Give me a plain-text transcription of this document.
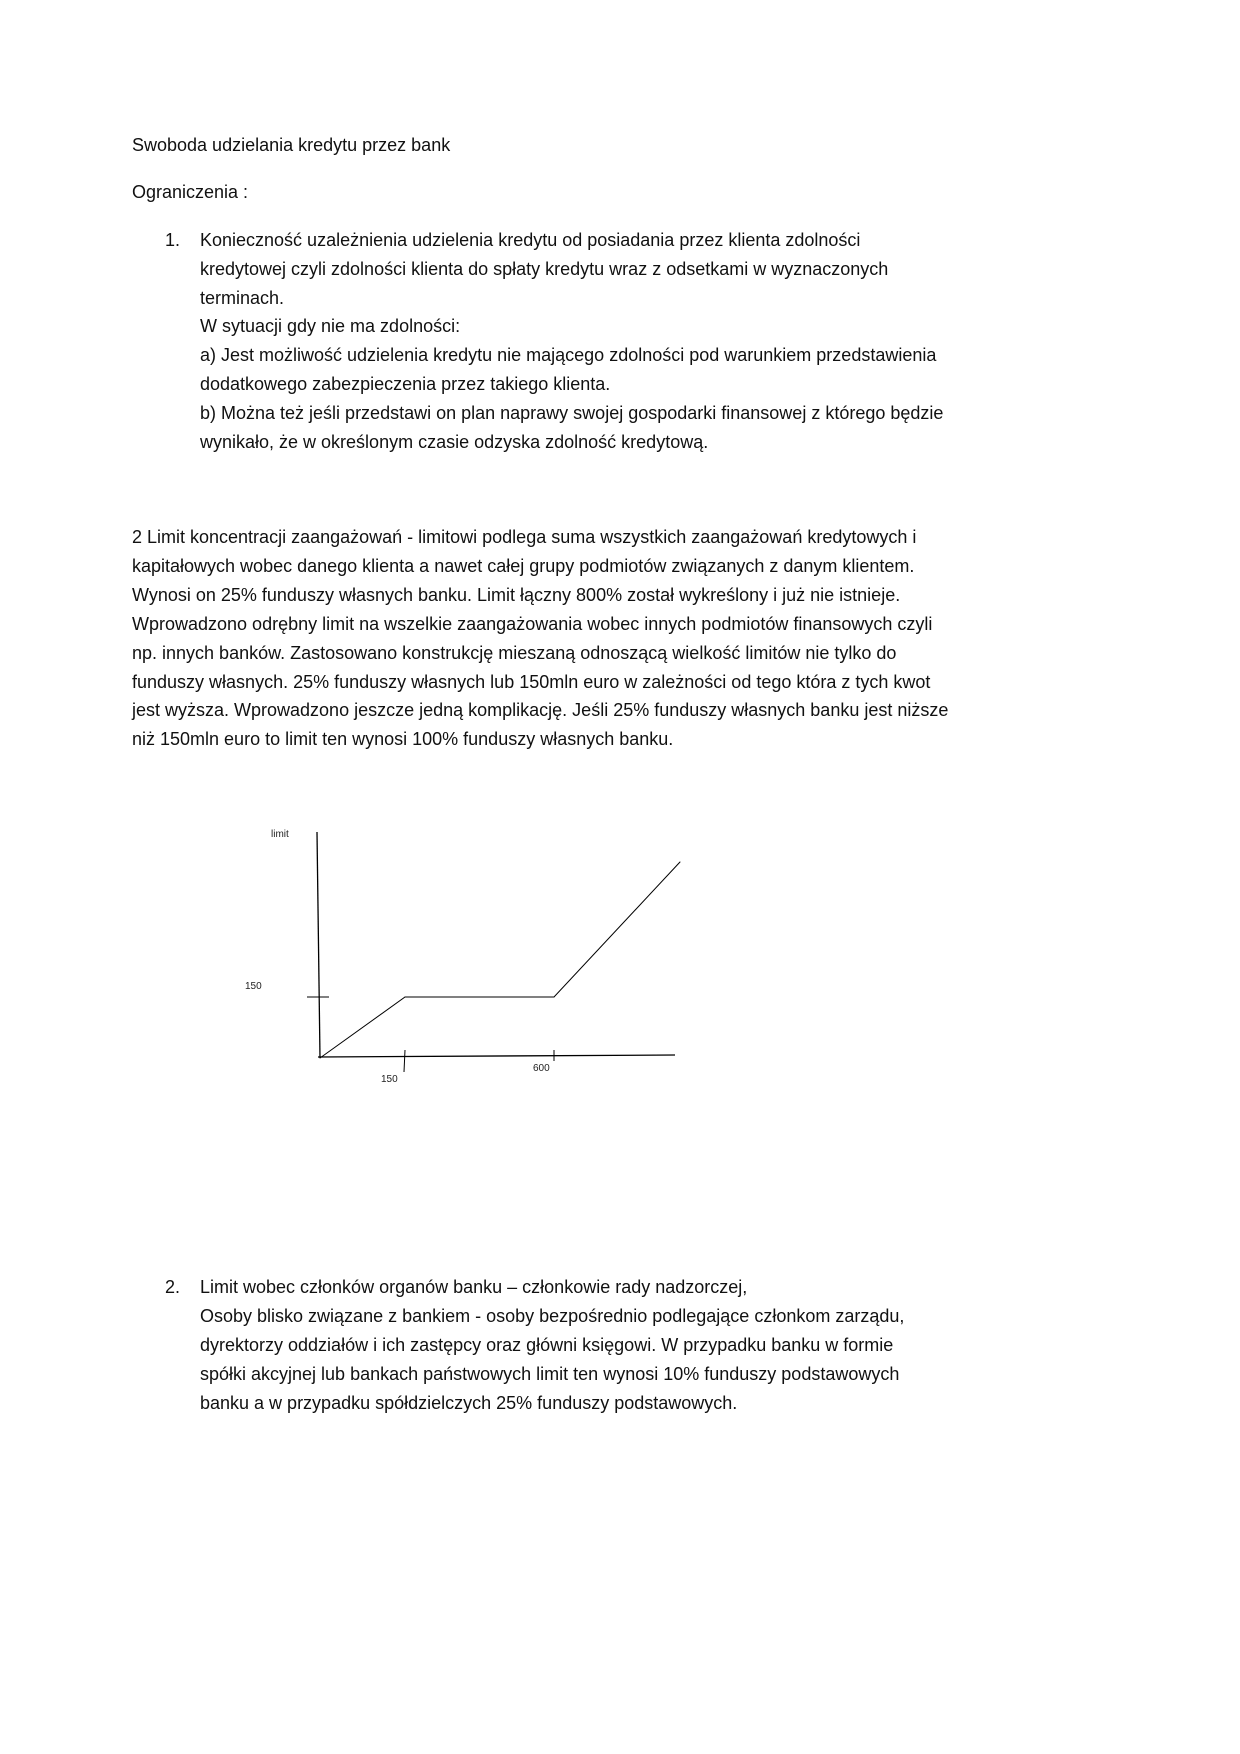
Swoboda udzielania kredytu przez bank
Ograniczenia :
1. Konieczność uzależnienia udzielenia kredytu od posiadania przez klienta zdolności
kredytowej czyli zdolności klienta do spłaty kredytu wraz z odsetkami w wyznaczonych
terminach.
W sytuacji gdy nie ma zdolności:
a) Jest możliwość udzielenia kredytu nie mającego zdolności pod warunkiem przedstawienia
dodatkowego zabezpieczenia przez takiego klienta.
b) Można też jeśli przedstawi on plan naprawy swojej gospodarki finansowej z którego będzie
wynikało, że w określonym czasie odzyska zdolność kredytową.
2 Limit koncentracji zaangażowań - limitowi podlega suma wszystkich zaangażowań kredytowych i
kapitałowych wobec danego klienta a nawet całej grupy podmiotów związanych z danym klientem.
Wynosi on 25% funduszy własnych banku. Limit łączny 800% został wykreślony i już nie istnieje.
Wprowadzono odrębny limit na wszelkie zaangażowania wobec innych podmiotów finansowych czyli
np. innych banków. Zastosowano konstrukcję mieszaną odnoszącą wielkość limitów nie tylko do
funduszy własnych. 25% funduszy własnych lub 150mln euro w zależności od tego która z tych kwot
jest wyższa. Wprowadzono jeszcze jedną komplikację. Jeśli 25% funduszy własnych banku jest niższe
niż 150mln euro to limit ten wynosi 100% funduszy własnych banku.
limit
150
150
600
2. Limit wobec członków organów banku – członkowie rady nadzorczej,
Osoby blisko związane z bankiem - osoby bezpośrednio podlegające członkom zarządu,
dyrektorzy oddziałów i ich zastępcy oraz główni księgowi. W przypadku banku w formie
spółki akcyjnej lub bankach państwowych limit ten wynosi 10% funduszy podstawowych
banku a w przypadku spółdzielczych 25% funduszy podstawowych.
